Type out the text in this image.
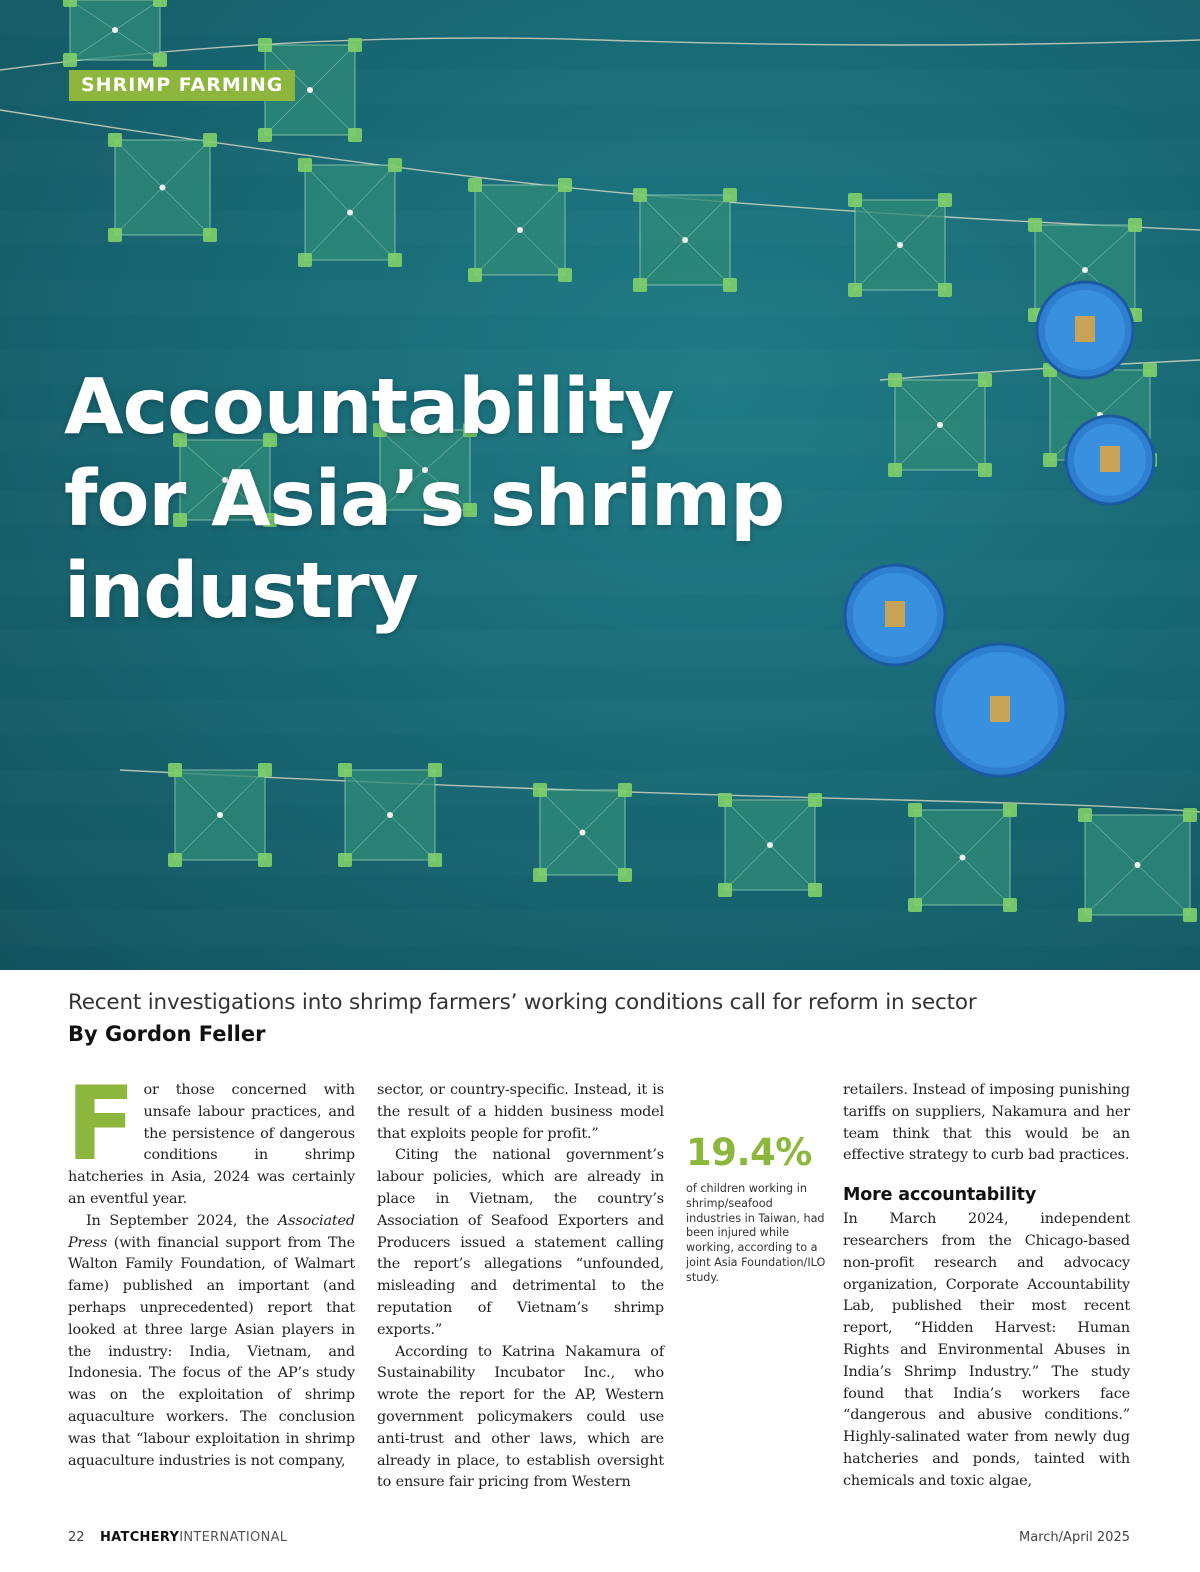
SHRIMP FARMING
Accountability
for Asia’s shrimp
industry
Recent investigations into shrimp farmers’ working conditions call for reform in sector
By Gordon Feller

For those concerned with unsafe labour practices, and the persistence of dangerous conditions in shrimp hatcheries in Asia, 2024 was certainly an eventful year.

In September 2024, the Associated Press (with financial support from The Walton Family Foundation, of Walmart fame) published an important (and perhaps unprecedented) report that looked at three large Asian players in the industry: India, Vietnam, and Indonesia. The focus of the AP’s study was on the exploitation of shrimp aquaculture workers. The conclusion was that “labour exploitation in shrimp aquaculture industries is not company,

sector, or country-specific. Instead, it is the result of a hidden business model that exploits people for profit.”

Citing the national government’s labour policies, which are already in place in Vietnam, the country’s Association of Seafood Exporters and Producers issued a statement calling the report’s allegations “unfounded, misleading and detrimental to the reputation of Vietnam’s shrimp exports.”

According to Katrina Nakamura of Sustainability Incubator Inc., who wrote the report for the AP, Western government policymakers could use anti-trust and other laws, which are already in place, to establish oversight to ensure fair pricing from Western

19.4%
of children working in shrimp/seafood industries in Taiwan, had been injured while working, according to a joint Asia Foundation/ILO study.

retailers. Instead of imposing punishing tariffs on suppliers, Nakamura and her team think that this would be an effective strategy to curb bad practices.

More accountability

In March 2024, independent researchers from the Chicago-based non-profit research and advocacy organization, Corporate Accountability Lab, published their most recent report, “Hidden Harvest: Human Rights and Environmental Abuses in India’s Shrimp Industry.” The study found that India’s workers face “dangerous and abusive conditions.” Highly-salinated water from newly dug hatcheries and ponds, tainted with chemicals and toxic algae,

22 HATCHERYINTERNATIONAL	March/April 2025
